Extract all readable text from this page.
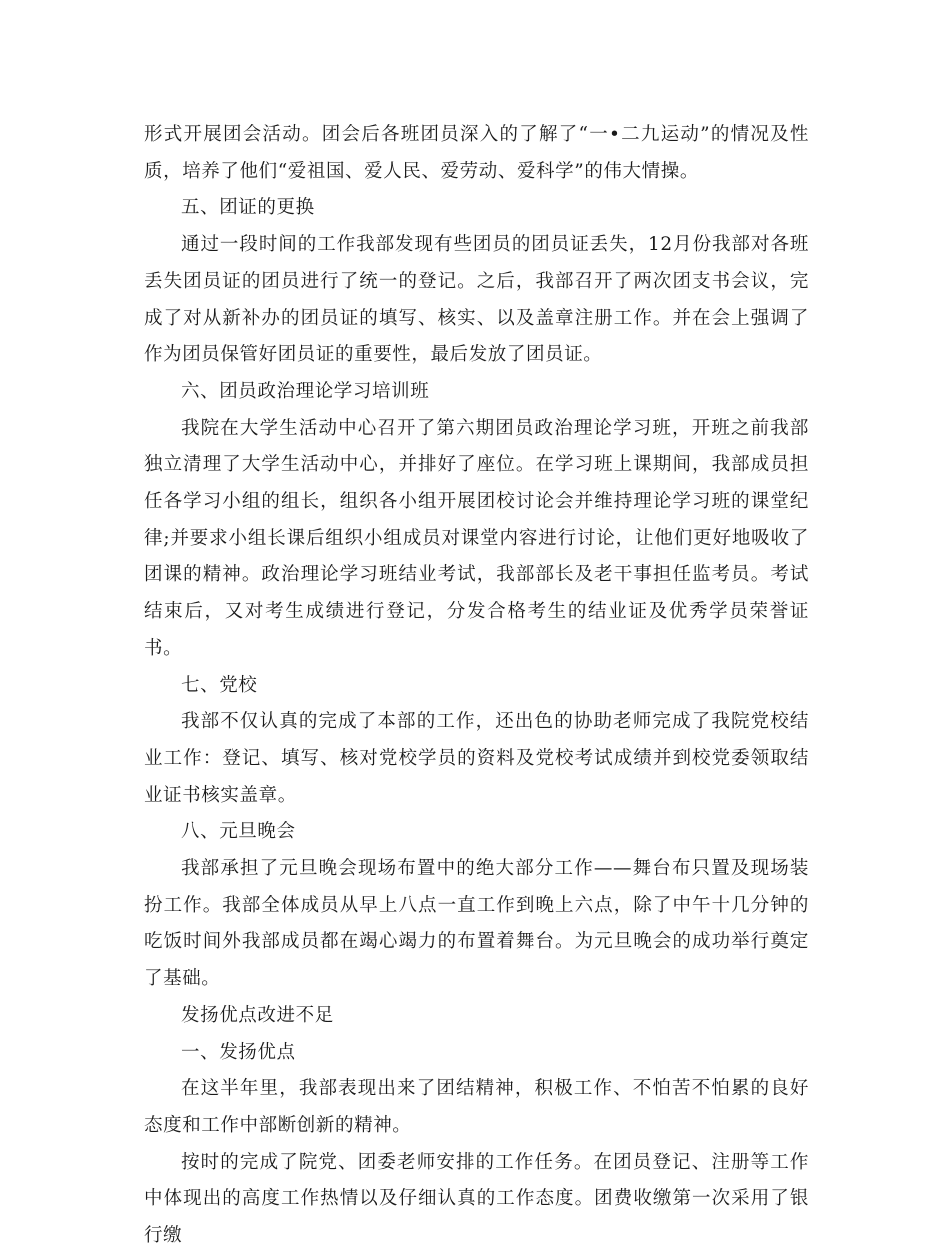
形式开展团会活动。团会后各班团员深入的了解了“一•二九运动”的情况及性质，培养了他们“爱祖国、爱人民、爱劳动、爱科学”的伟大情操。

五、团证的更换

通过一段时间的工作我部发现有些团员的团员证丢失，12月份我部对各班丢失团员证的团员进行了统一的登记。之后，我部召开了两次团支书会议，完成了对从新补办的团员证的填写、核实、以及盖章注册工作。并在会上强调了作为团员保管好团员证的重要性，最后发放了团员证。

六、团员政治理论学习培训班

我院在大学生活动中心召开了第六期团员政治理论学习班，开班之前我部独立清理了大学生活动中心，并排好了座位。在学习班上课期间，我部成员担任各学习小组的组长，组织各小组开展团校讨论会并维持理论学习班的课堂纪律;并要求小组长课后组织小组成员对课堂内容进行讨论，让他们更好地吸收了团课的精神。政治理论学习班结业考试，我部部长及老干事担任监考员。考试结束后，又对考生成绩进行登记，分发合格考生的结业证及优秀学员荣誉证书。

七、党校

我部不仅认真的完成了本部的工作，还出色的协助老师完成了我院党校结业工作：登记、填写、核对党校学员的资料及党校考试成绩并到校党委领取结业证书核实盖章。

八、元旦晚会

我部承担了元旦晚会现场布置中的绝大部分工作——舞台布只置及现场装扮工作。我部全体成员从早上八点一直工作到晚上六点，除了中午十几分钟的吃饭时间外我部成员都在竭心竭力的布置着舞台。为元旦晚会的成功举行奠定了基础。

发扬优点改进不足

一、发扬优点

在这半年里，我部表现出来了团结精神，积极工作、不怕苦不怕累的良好态度和工作中部断创新的精神。

按时的完成了院党、团委老师安排的工作任务。在团员登记、注册等工作中体现出的高度工作热情以及仔细认真的工作态度。团费收缴第一次采用了银行缴
